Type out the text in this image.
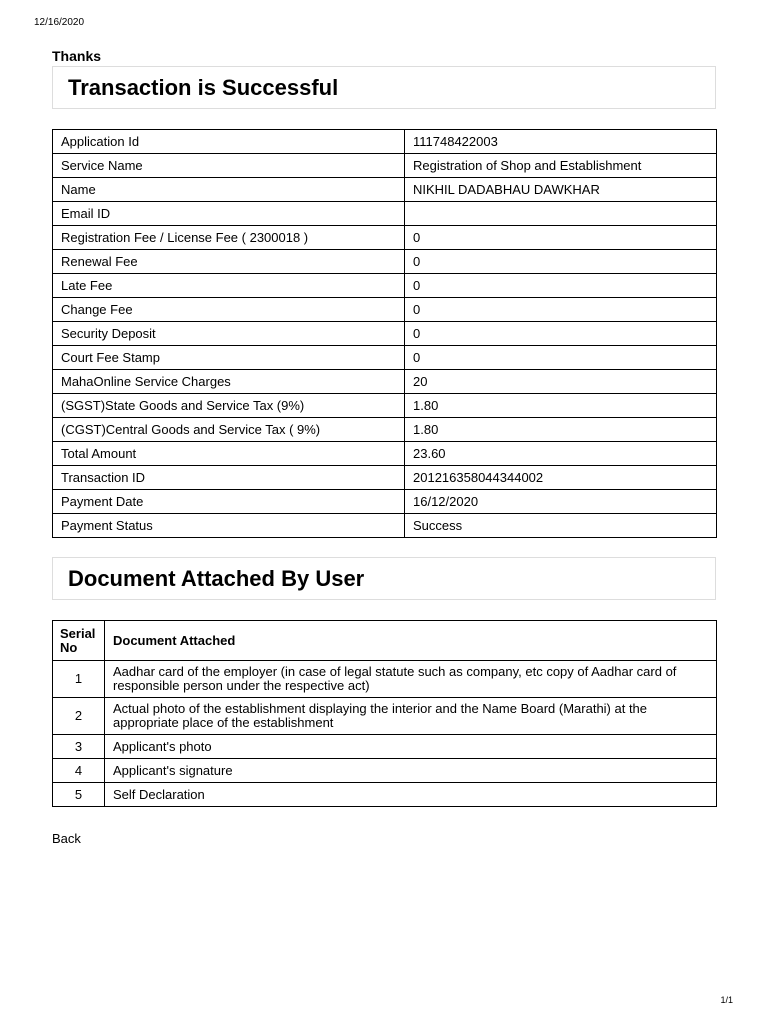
12/16/2020
Thanks
Transaction is Successful
Application Id	111748422003
Service Name	Registration of Shop and Establishment
Name	NIKHIL DADABHAU DAWKHAR
Email ID	
Registration Fee / License Fee ( 2300018 )	0
Renewal Fee	0
Late Fee	0
Change Fee	0
Security Deposit	0
Court Fee Stamp	0
MahaOnline Service Charges	20
(SGST)State Goods and Service Tax (9%)	1.80
(CGST)Central Goods and Service Tax ( 9%)	1.80
Total Amount	23.60
Transaction ID	201216358044344002
Payment Date	16/12/2020
Payment Status	Success
Document Attached By User
Serial No	Document Attached
1	Aadhar card of the employer (in case of legal statute such as company, etc copy of Aadhar card of responsible person under the respective act)
2	Actual photo of the establishment displaying the interior and the Name Board (Marathi) at the appropriate place of the establishment
3	Applicant's photo
4	Applicant's signature
5	Self Declaration
Back
1/1
